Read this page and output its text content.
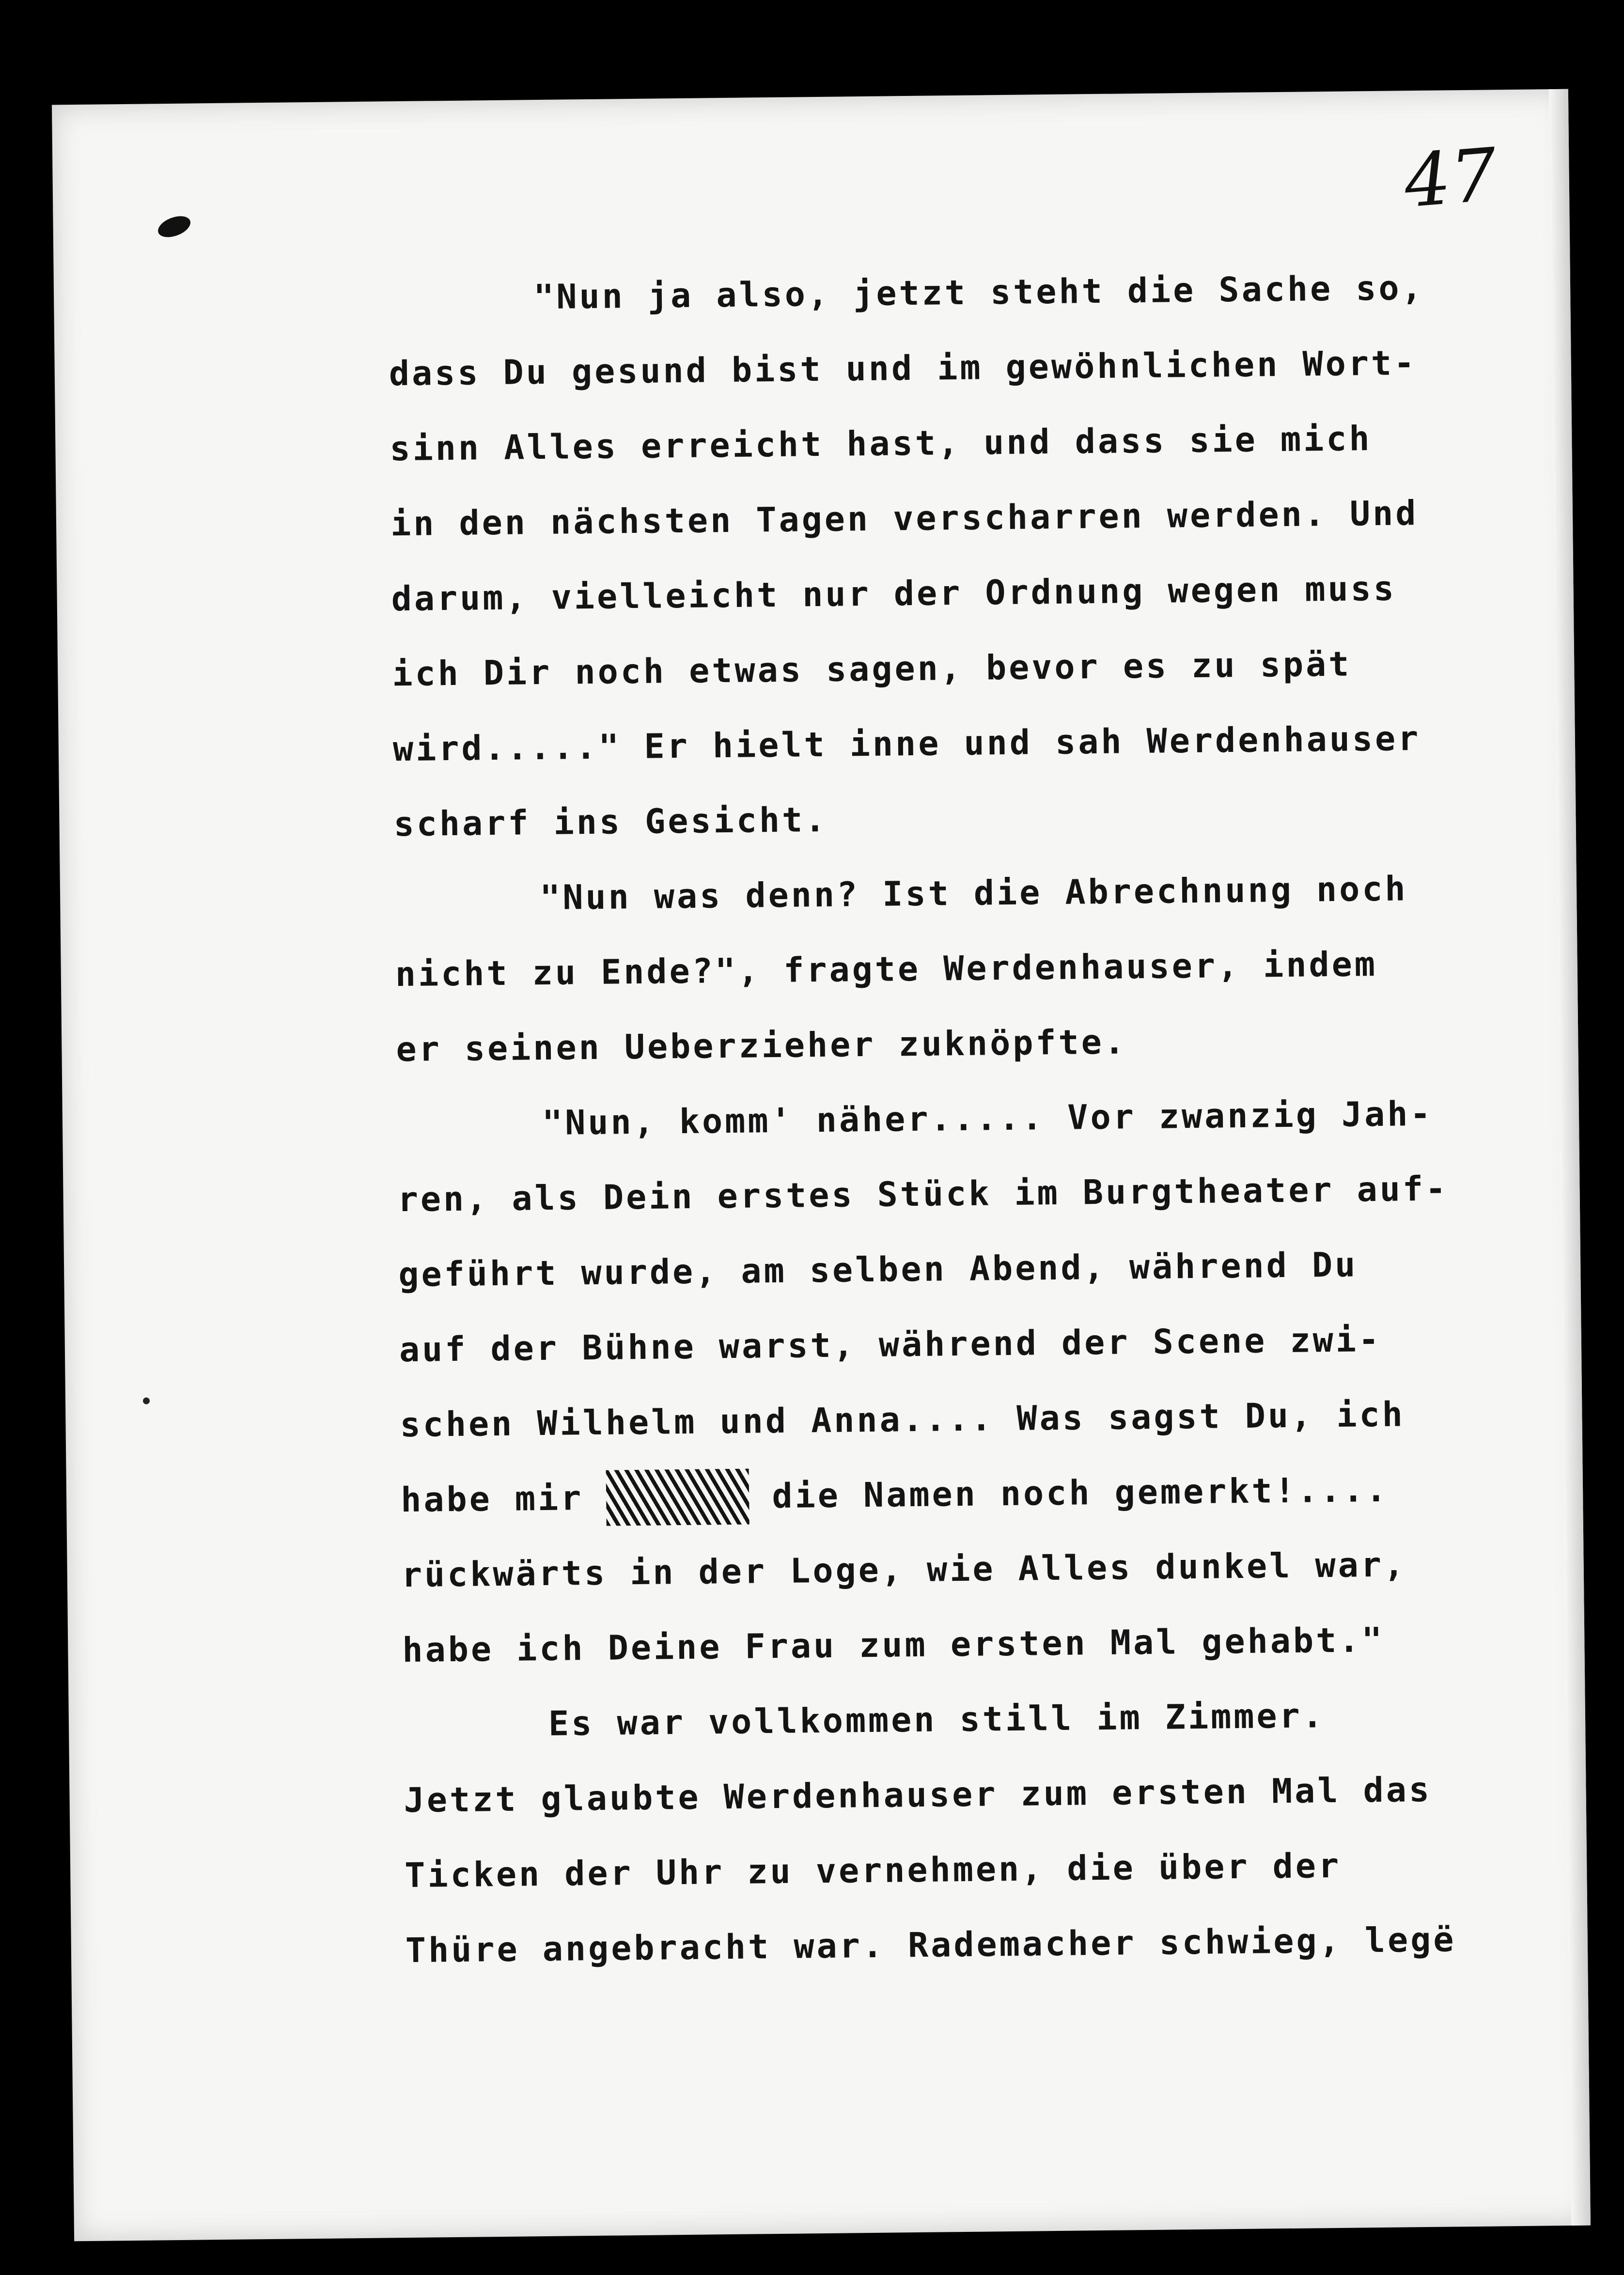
47
"Nun ja also, jetzt steht die Sache so,
dass Du gesund bist und im gewöhnlichen Wort-
sinn Alles erreicht hast, und dass sie mich
in den nächsten Tagen verscharren werden. Und
darum, vielleicht nur der Ordnung wegen muss
ich Dir noch etwas sagen, bevor es zu spät
wird....." Er hielt inne und sah Werdenhauser
scharf ins Gesicht.
"Nun was denn? Ist die Abrechnung noch
nicht zu Ende?", fragte Werdenhauser, indem
er seinen Ueberzieher zuknöpfte.
"Nun, komm' näher..... Vor zwanzig Jah-
ren, als Dein erstes Stück im Burgtheater auf-
geführt wurde, am selben Abend, während Du
auf der Bühne warst, während der Scene zwi-
schen Wilhelm und Anna.... Was sagst Du, ich
habe mir	die Namen noch gemerkt!....
rückwärts in der Loge, wie Alles dunkel war,
habe ich Deine Frau zum ersten Mal gehabt."
Es war vollkommen still im Zimmer.
Jetzt glaubte Werdenhauser zum ersten Mal das
Ticken der Uhr zu vernehmen, die über der
Thüre angebracht war. Rademacher schwieg, legë
